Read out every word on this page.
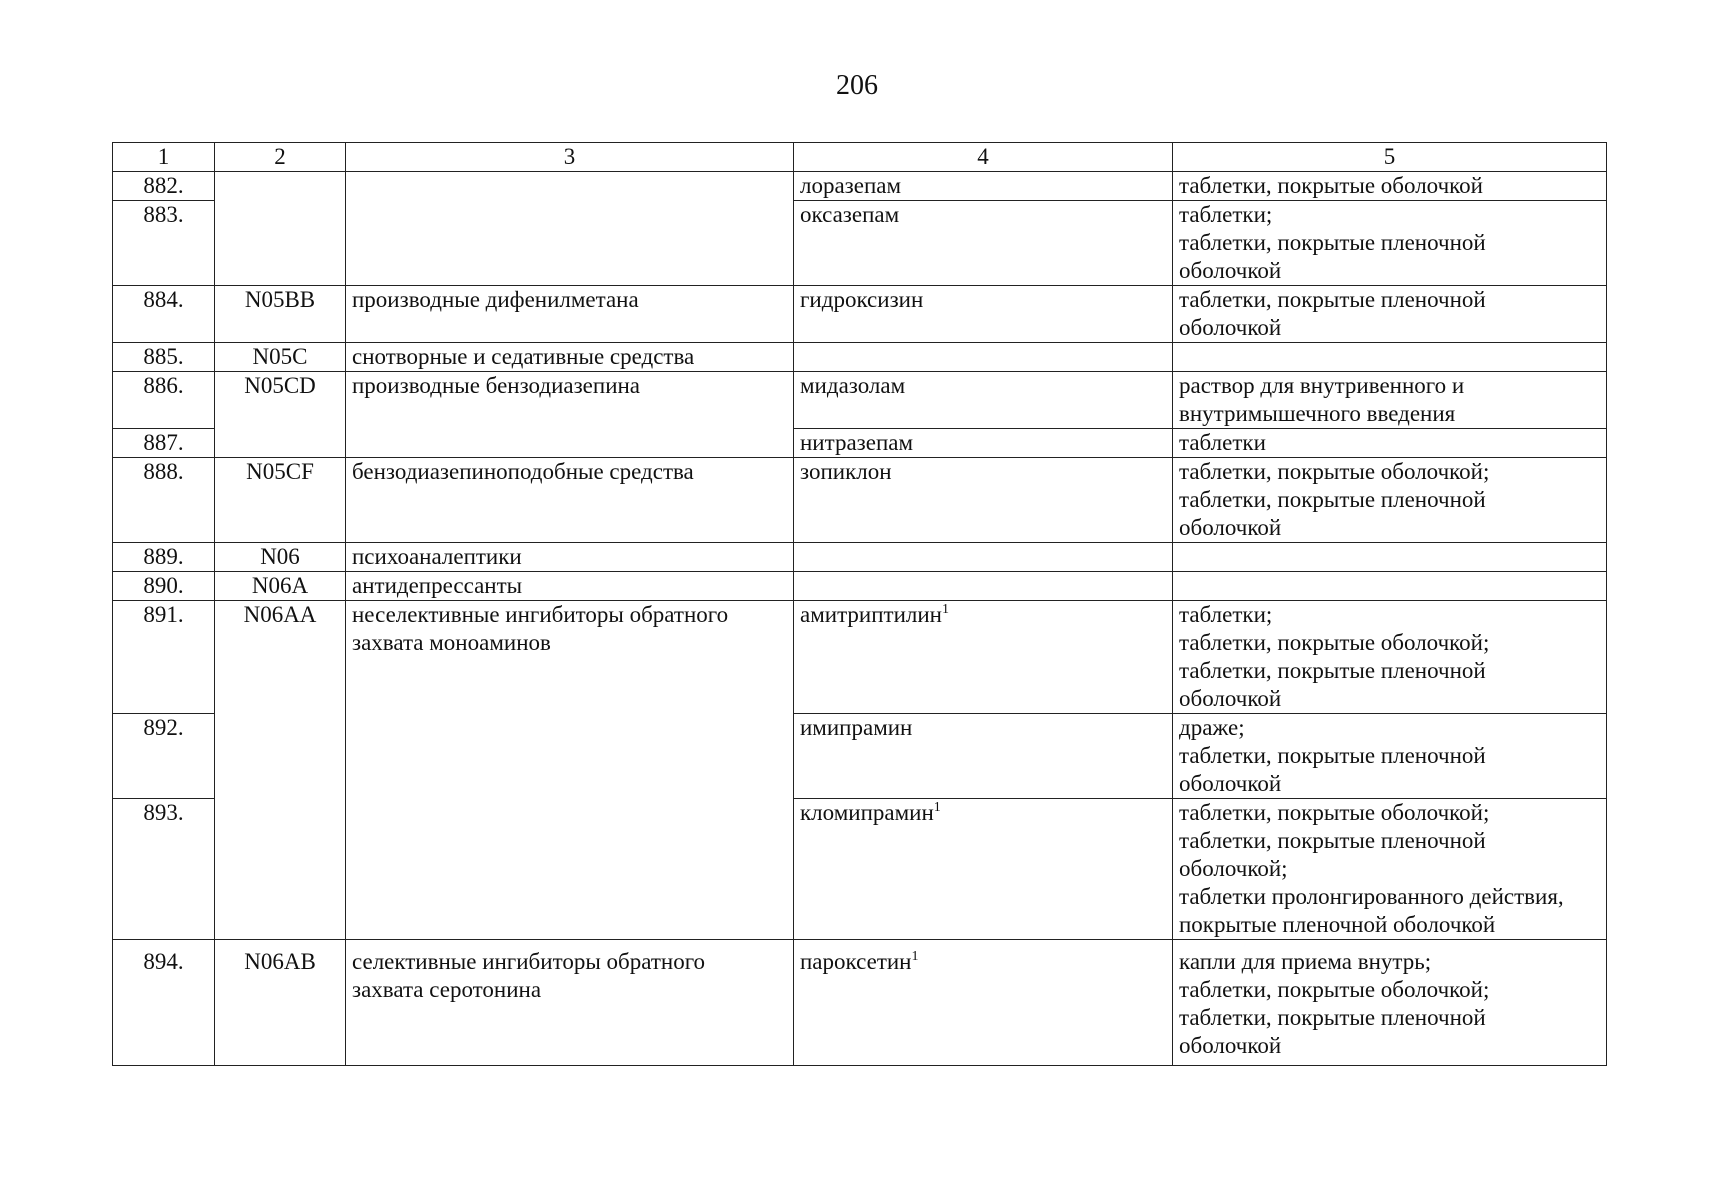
206
1	2	3	4	5
882.			лоразепам	таблетки, покрытые оболочкой

883.			оксазепам	таблетки;
таблетки, покрытые пленочной
оболочкой

884.	N05BB	производные дифенилметана	гидроксизин	таблетки, покрытые пленочной
оболочкой

885.	N05C	снотворные и седативные средства		

886.	N05CD	производные бензодиазепина	мидазолам	раствор для внутривенного и
внутримышечного введения

887.			нитразепам	таблетки

888.	N05CF	бензодиазепиноподобные средства	зопиклон	таблетки, покрытые оболочкой;
таблетки, покрытые пленочной
оболочкой

889.	N06	психоаналептики		

890.	N06A	антидепрессанты		

891.	N06AA	неселективные ингибиторы обратного
захвата моноаминов	амитриптилин$^1$	таблетки;
таблетки, покрытые оболочкой;
таблетки, покрытые пленочной
оболочкой

892.			имипрамин	драже;
таблетки, покрытые пленочной
оболочкой

893.			кломипрамин$^1$	таблетки, покрытые оболочкой;
таблетки, покрытые пленочной
оболочкой;
таблетки пролонгированного действия,
покрытые пленочной оболочкой

894.	N06AB	селективные ингибиторы обратного
захвата серотонина	пароксетин$^1$	капли для приема внутрь;
таблетки, покрытые оболочкой;
таблетки, покрытые пленочной
оболочкой
